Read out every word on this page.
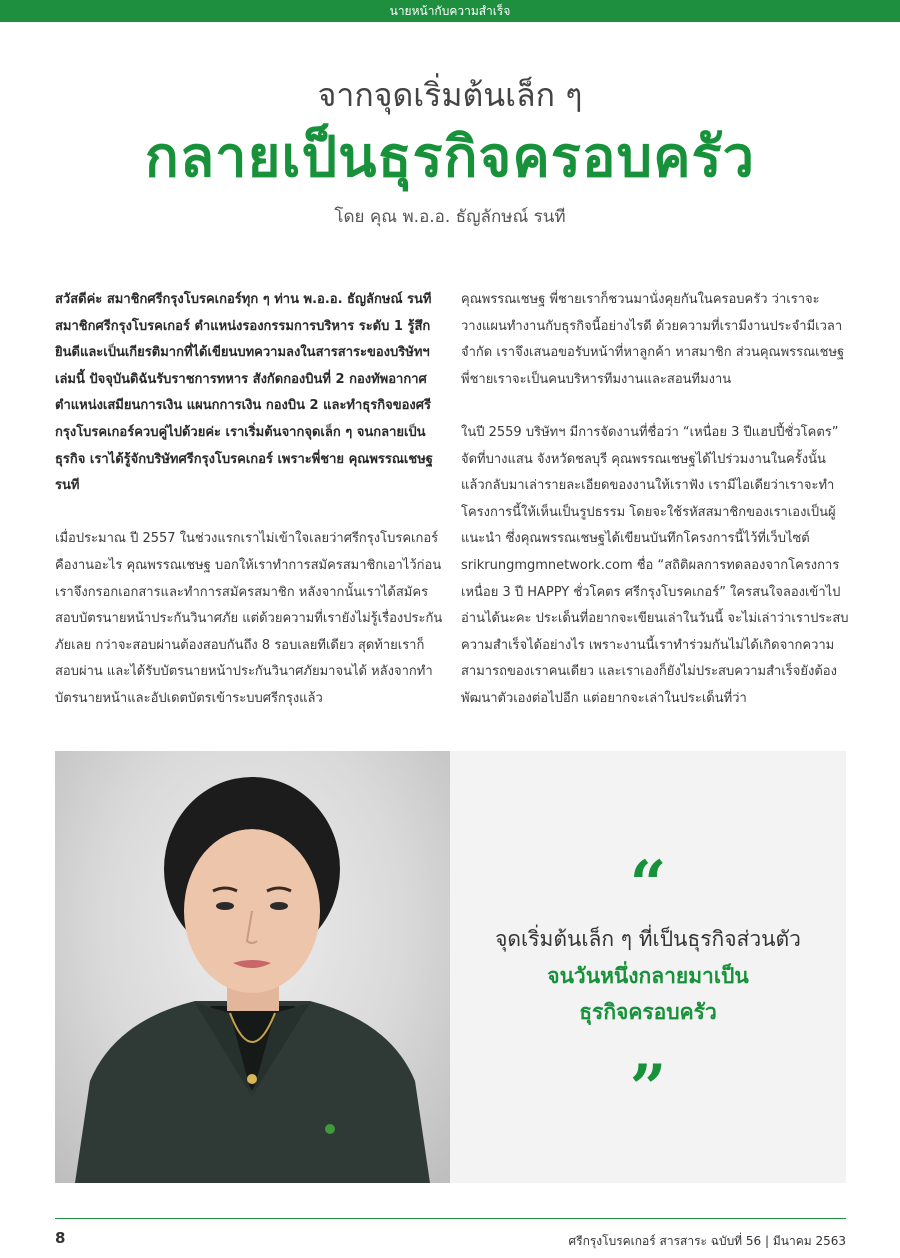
นายหน้ากับความสำเร็จ
จากจุดเริ่มต้นเล็ก ๆ
กลายเป็นธุรกิจครอบครัว
โดย คุณ พ.อ.อ. ธัญลักษณ์ รนที

สวัสดีค่ะ สมาชิกศรีกรุงโบรคเกอร์ทุก ๆ ท่าน พ.อ.อ. ธัญลักษณ์ รนที สมาชิกศรีกรุงโบรคเกอร์ ตำแหน่งรองกรรมการบริหาร ระดับ 1 รู้สึกยินดีและเป็นเกียรติมากที่ได้เขียนบทความลงในสารสาระของบริษัทฯ เล่มนี้ ปัจจุบันดิฉันรับราชการทหาร สังกัดกองบินที่ 2 กองทัพอากาศ ตำแหน่งเสมียนการเงิน แผนกการเงิน กองบิน 2 และทำธุรกิจของศรีกรุงโบรคเกอร์ควบคู่ไปด้วยค่ะ เราเริ่มต้นจากจุดเล็ก ๆ จนกลายเป็นธุรกิจ เราได้รู้จักบริษัทศรีกรุงโบรคเกอร์ เพราะพี่ชาย คุณพรรณเชษฐ รนที

เมื่อประมาณ ปี 2557 ในช่วงแรกเราไม่เข้าใจเลยว่าศรีกรุงโบรคเกอร์คืองานอะไร คุณพรรณเชษฐ บอกให้เราทำการสมัครสมาชิกเอาไว้ก่อน เราจึงกรอกเอกสารและทำการสมัครสมาชิก หลังจากนั้นเราได้สมัครสอบบัตรนายหน้าประกันวินาศภัย แต่ด้วยความที่เรายังไม่รู้เรื่องประกันภัยเลย กว่าจะสอบผ่านต้องสอบกันถึง 8 รอบเลยทีเดียว สุดท้ายเราก็สอบผ่าน และได้รับบัตรนายหน้าประกันวินาศภัยมาจนได้ หลังจากทำบัตรนายหน้าและอัปเดตบัตรเข้าระบบศรีกรุงแล้ว

คุณพรรณเชษฐ พี่ชายเราก็ชวนมานั่งคุยกันในครอบครัว ว่าเราจะวางแผนทำงานกับธุรกิจนี้อย่างไรดี ด้วยความที่เรามีงานประจำมีเวลาจำกัด เราจึงเสนอขอรับหน้าที่หาลูกค้า หาสมาชิก ส่วนคุณพรรณเชษฐ พี่ชายเราจะเป็นคนบริหารทีมงานและสอนทีมงาน

ในปี 2559 บริษัทฯ มีการจัดงานที่ชื่อว่า “เหนื่อย 3 ปีแฮปปี้ชั่วโคตร” จัดที่บางแสน จังหวัดชลบุรี คุณพรรณเชษฐได้ไปร่วมงานในครั้งนั้น แล้วกลับมาเล่ารายละเอียดของงานให้เราฟัง เรามีไอเดียว่าเราจะทำโครงการนี้ให้เห็นเป็นรูปธรรม โดยจะใช้รหัสสมาชิกของเราเองเป็นผู้แนะนำ ซึ่งคุณพรรณเชษฐได้เขียนบันทึกโครงการนี้ไว้ที่เว็บไซต์ srikrungmgmnetwork.com ชื่อ “สถิติผลการทดลองจากโครงการเหนื่อย 3 ปี HAPPY ชั่วโคตร ศรีกรุงโบรคเกอร์” ใครสนใจลองเข้าไปอ่านได้นะคะ ประเด็นที่อยากจะเขียนเล่าในวันนี้ จะไม่เล่าว่าเราประสบความสำเร็จได้อย่างไร เพราะงานนี้เราทำร่วมกันไม่ได้เกิดจากความสามารถของเราคนเดียว และเราเองก็ยังไม่ประสบความสำเร็จยังต้องพัฒนาตัวเองต่อไปอีก แต่อยากจะเล่าในประเด็นที่ว่า

“
จุดเริ่มต้นเล็ก ๆ ที่เป็นธุรกิจส่วนตัว
จนวันหนึ่งกลายมาเป็น
ธุรกิจครอบครัว
”
8	ศรีกรุงโบรคเกอร์ สารสาระ ฉบับที่ 56 | มีนาคม 2563
